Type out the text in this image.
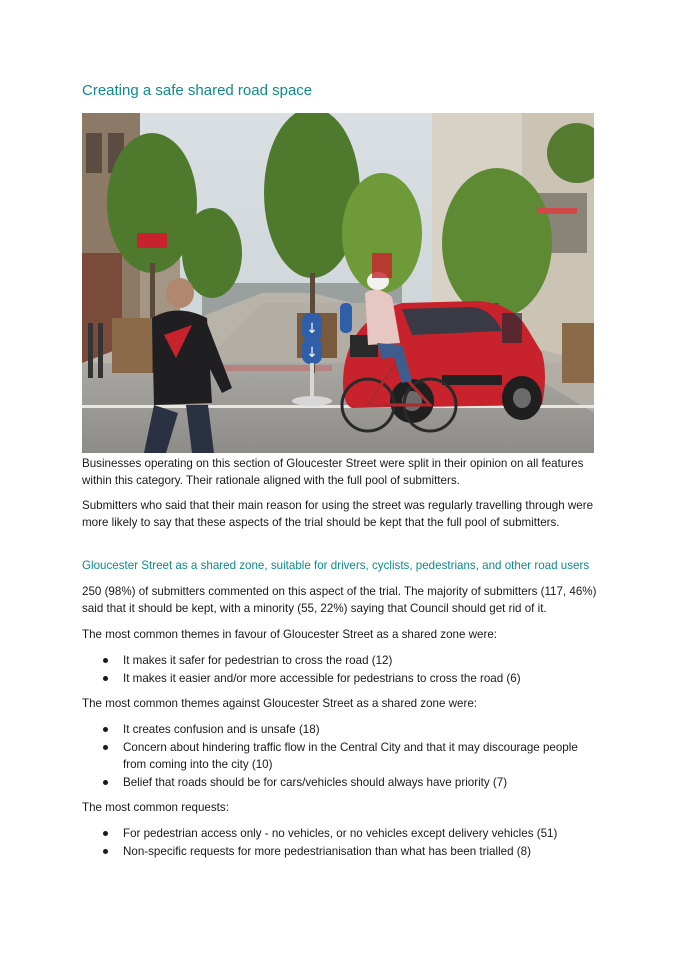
Creating a safe shared road space
↓
↓

Businesses operating on this section of Gloucester Street were split in their opinion on all features within this category. Their rationale aligned with the full pool of submitters.

Submitters who said that their main reason for using the street was regularly travelling through were more likely to say that these aspects of the trial should be kept that the full pool of submitters.

Gloucester Street as a shared zone, suitable for drivers, cyclists, pedestrians, and other road users

250 (98%) of submitters commented on this aspect of the trial. The majority of submitters (117, 46%) said that it should be kept, with a minority (55, 22%) saying that Council should get rid of it.

The most common themes in favour of Gloucester Street as a shared zone were:

It makes it safer for pedestrian to cross the road (12)
It makes it easier and/or more accessible for pedestrians to cross the road (6)

The most common themes against Gloucester Street as a shared zone were:

It creates confusion and is unsafe (18)
Concern about hindering traffic flow in the Central City and that it may discourage people from coming into the city (10)
Belief that roads should be for cars/vehicles should always have priority (7)

The most common requests:

For pedestrian access only - no vehicles, or no vehicles except delivery vehicles (51)
Non-specific requests for more pedestrianisation than what has been trialled (8)
